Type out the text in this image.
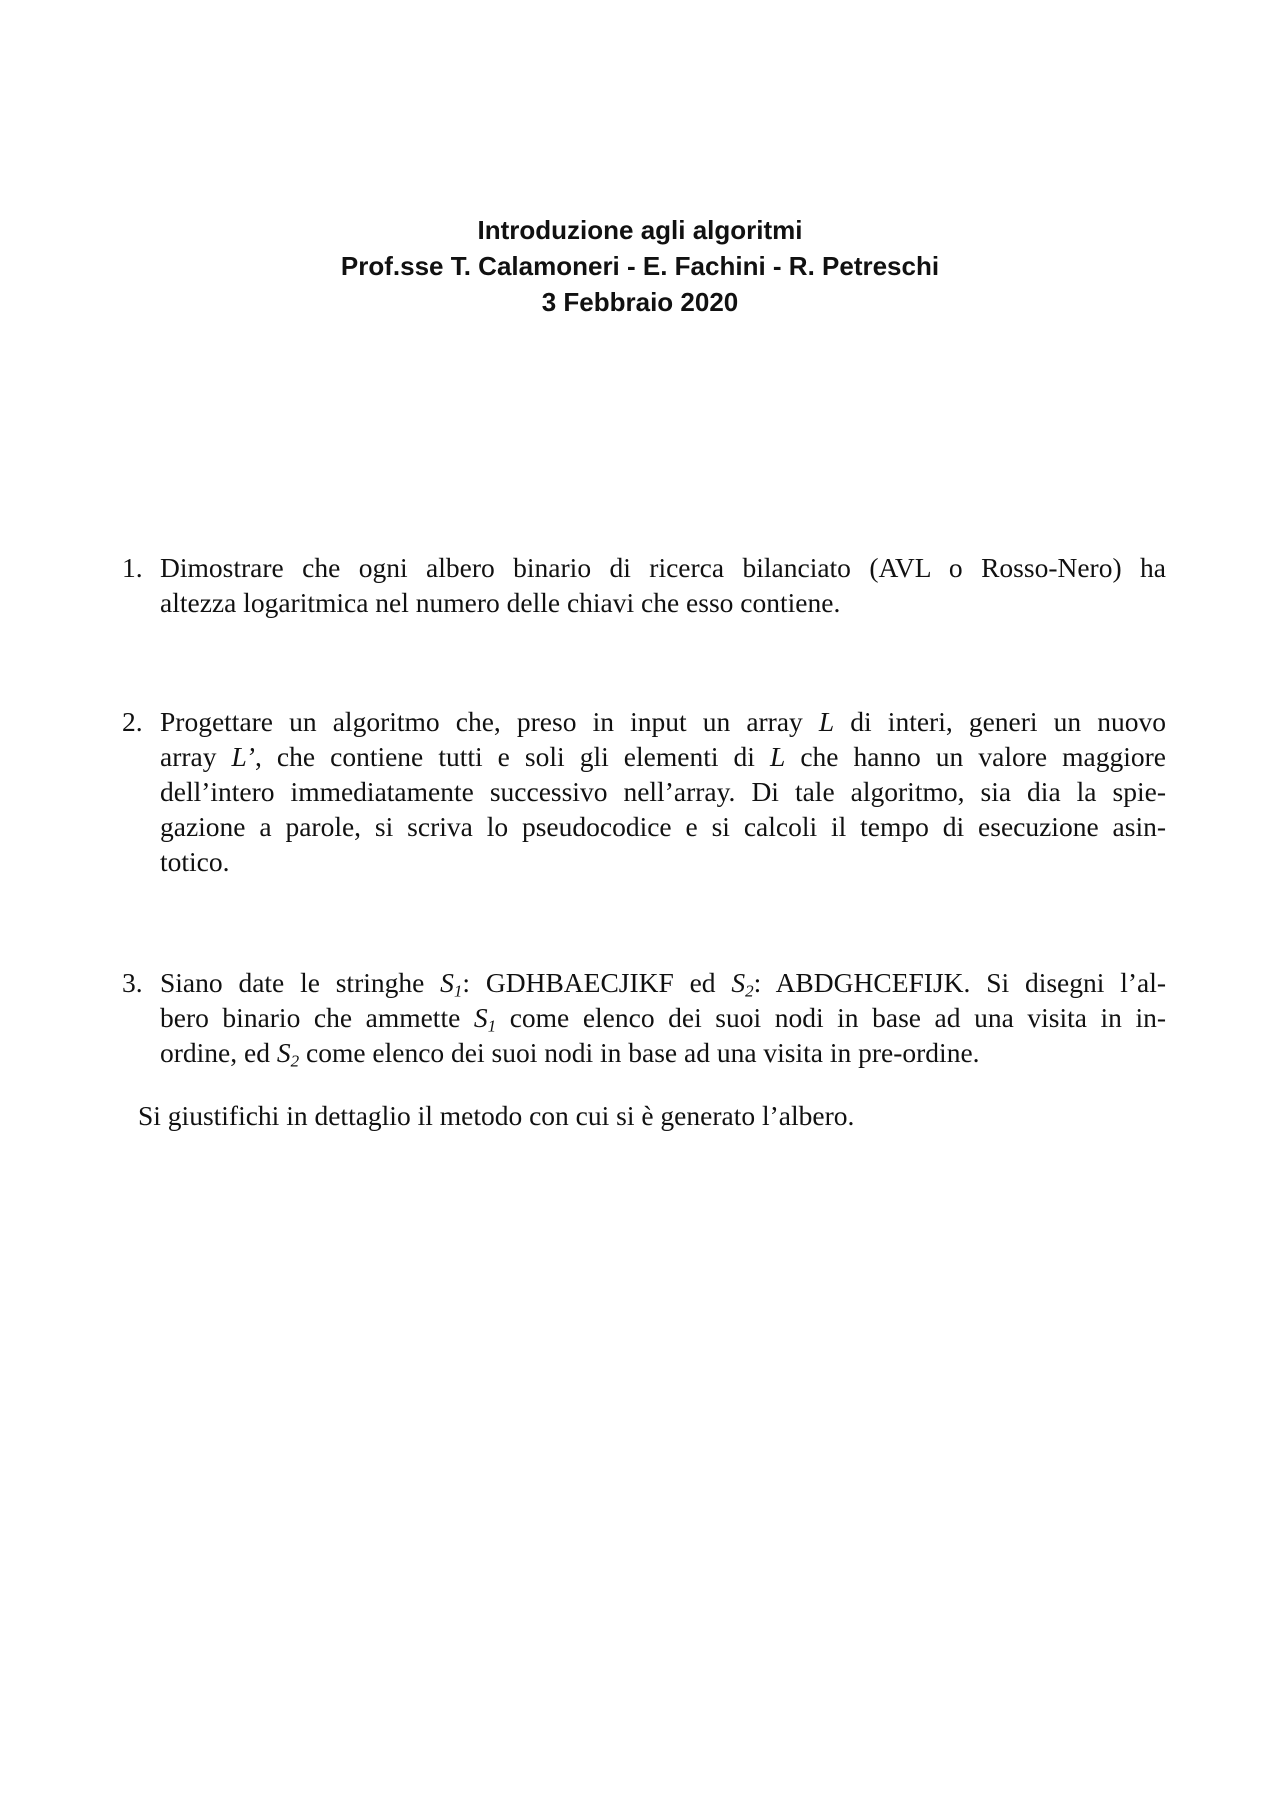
Introduzione agli algoritmi
Prof.sse T. Calamoneri - E. Fachini - R. Petreschi
3 Febbraio 2020
1. Dimostrare che ogni albero binario di ricerca bilanciato (AVL o Rosso-Nero) ha
altezza logaritmica nel numero delle chiavi che esso contiene.
2. Progettare un algoritmo che, preso in input un array L di interi, generi un nuovo
array L’, che contiene tutti e soli gli elementi di L che hanno un valore maggiore
dell’intero immediatamente successivo nell’array. Di tale algoritmo, sia dia la spie-
gazione a parole, si scriva lo pseudocodice e si calcoli il tempo di esecuzione asin-
totico.
3. Siano date le stringhe $S_1$: GDHBAECJIKF ed $S_2$: ABDGHCEFIJK. Si disegni l’al-
bero binario che ammette $S_1$ come elenco dei suoi nodi in base ad una visita in in-
ordine, ed $S_2$ come elenco dei suoi nodi in base ad una visita in pre-ordine.
Si giustifichi in dettaglio il metodo con cui si è generato l’albero.
